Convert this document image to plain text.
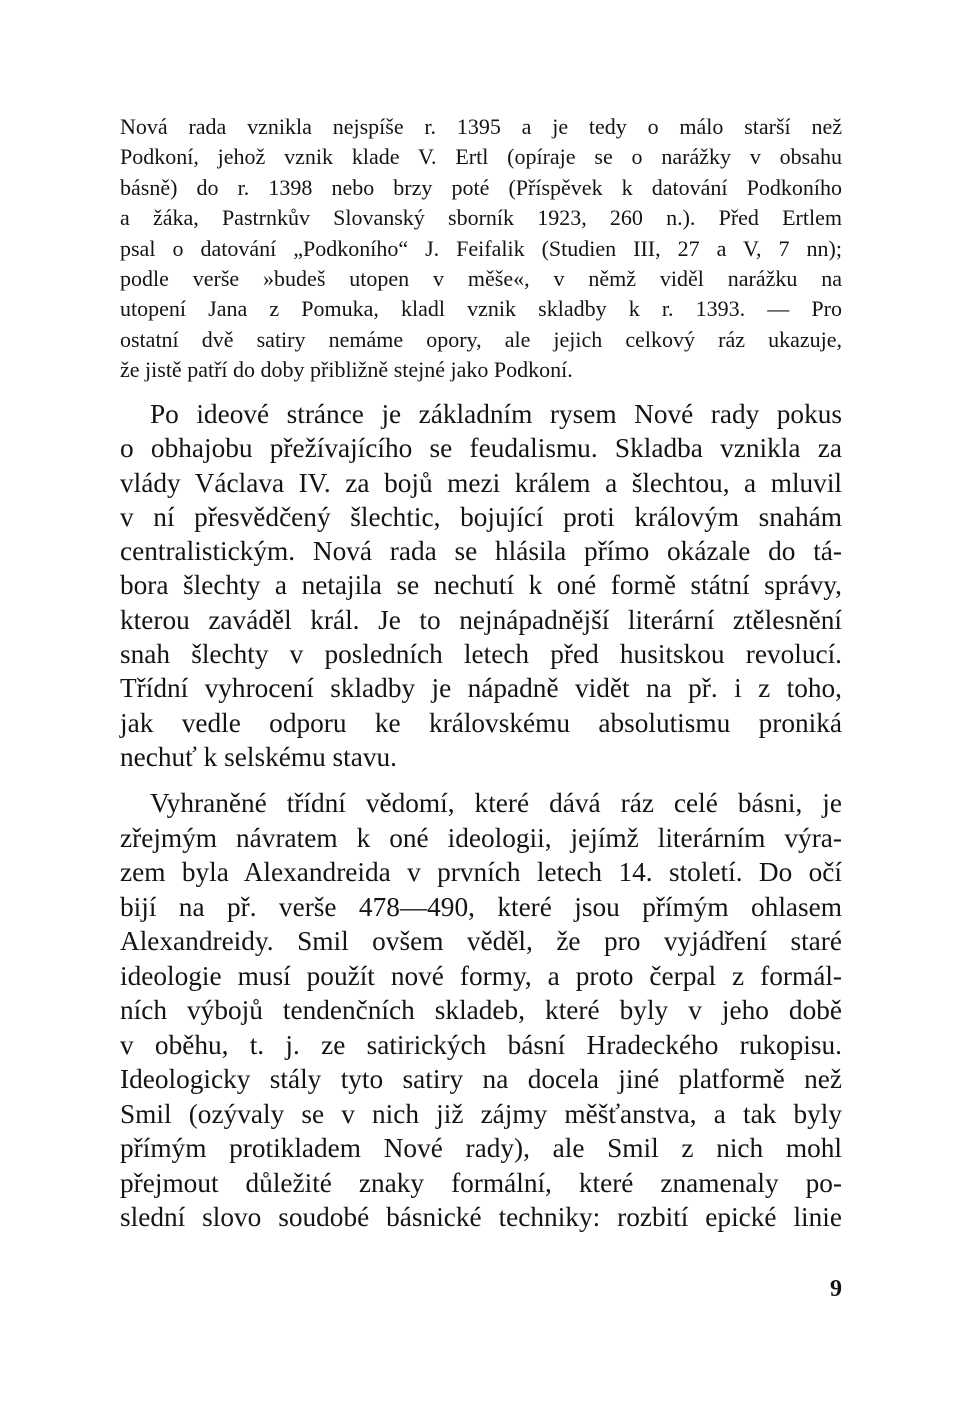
Nová rada vznikla nejspíše r. 1395 a je tedy o málo starší než
Podkoní, jehož vznik klade V. Ertl (opíraje se o narážky v obsahu
básně) do r. 1398 nebo brzy poté (Příspěvek k datování Podkoního
a žáka, Pastrnkův Slovanský sborník 1923, 260 n.). Před Ertlem
psal o datování „Podkoního“ J. Feifalik (Studien III, 27 a V, 7 nn);
podle verše »budeš utopen v měše«, v němž viděl narážku na
utopení Jana z Pomuka, kladl vznik skladby k r. 1393. — Pro
ostatní dvě satiry nemáme opory, ale jejich celkový ráz ukazuje,
že jistě patří do doby přibližně stejné jako Podkoní.
Po ideové stránce je základním rysem Nové rady pokus
o obhajobu přežívajícího se feudalismu. Skladba vznikla za
vlády Václava IV. za bojů mezi králem a šlechtou, a mluvil
v ní přesvědčený šlechtic, bojující proti královým snahám
centralistickým. Nová rada se hlásila přímo okázale do tá-
bora šlechty a netajila se nechutí k oné formě státní správy,
kterou zaváděl král. Je to nejnápadnější literární ztělesnění
snah šlechty v posledních letech před husitskou revolucí.
Třídní vyhrocení skladby je nápadně vidět na př. i z toho,
jak vedle odporu ke královskému absolutismu proniká
nechuť k selskému stavu.
Vyhraněné třídní vědomí, které dává ráz celé básni, je
zřejmým návratem k oné ideologii, jejímž literárním výra-
zem byla Alexandreida v prvních letech 14. století. Do očí
bijí na př. verše 478—490, které jsou přímým ohlasem
Alexandreidy. Smil ovšem věděl, že pro vyjádření staré
ideologie musí použít nové formy, a proto čerpal z formál-
ních výbojů tendenčních skladeb, které byly v jeho době
v oběhu, t. j. ze satirických básní Hradeckého rukopisu.
Ideologicky stály tyto satiry na docela jiné platformě než
Smil (ozývaly se v nich již zájmy měšťanstva, a tak byly
přímým protikladem Nové rady), ale Smil z nich mohl
přejmout důležité znaky formální, které znamenaly po-
slední slovo soudobé básnické techniky: rozbití epické linie
9
